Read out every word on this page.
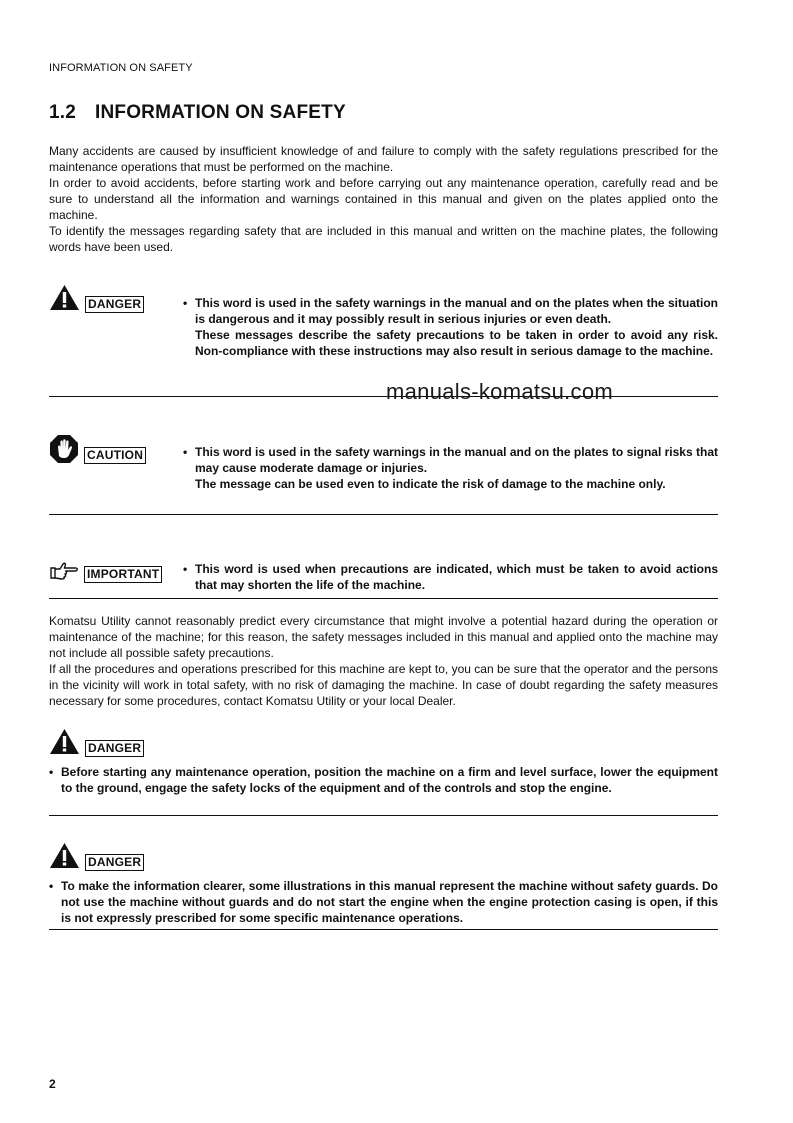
INFORMATION ON SAFETY
1.2 INFORMATION ON SAFETY

Many accidents are caused by insufficient knowledge of and failure to comply with the safety regulations prescribed for the maintenance operations that must be performed on the machine.

In order to avoid accidents, before starting work and before carrying out any maintenance operation, carefully read and be sure to understand all the information and warnings contained in this manual and given on the plates applied onto the machine.

To identify the messages regarding safety that are included in this manual and written on the machine plates, the following words have been used.

DANGER	• This word is used in the safety warnings in the manual and on the plates when the situation is dangerous and it may possibly result in serious injuries or even death.

These messages describe the safety precautions to be taken in order to avoid any risk. Non-compliance with these instructions may also result in serious damage to the machine.

manuals-komatsu.com
CAUTION	• This word is used in the safety warnings in the manual and on the plates to signal risks that may cause moderate damage or injuries.

The message can be used even to indicate the risk of damage to the machine only.

IMPORTANT • This word is used when precautions are indicated, which must be taken to avoid actions that may shorten the life of the machine.

Komatsu Utility cannot reasonably predict every circumstance that might involve a potential hazard during the operation or maintenance of the machine; for this reason, the safety messages included in this manual and applied onto the machine may not include all possible safety precautions.

If all the procedures and operations prescribed for this machine are kept to, you can be sure that the operator and the persons in the vicinity will work in total safety, with no risk of damaging the machine. In case of doubt regarding the safety measures necessary for some procedures, contact Komatsu Utility or your local Dealer.

DANGER
• Before starting any maintenance operation, position the machine on a firm and level surface, lower the equipment to the ground, engage the safety locks of the equipment and of the controls and stop the engine.
DANGER
• To make the information clearer, some illustrations in this manual represent the machine without safety guards. Do not use the machine without guards and do not start the engine when the engine protection casing is open, if this is not expressly prescribed for some specific maintenance operations.
2
